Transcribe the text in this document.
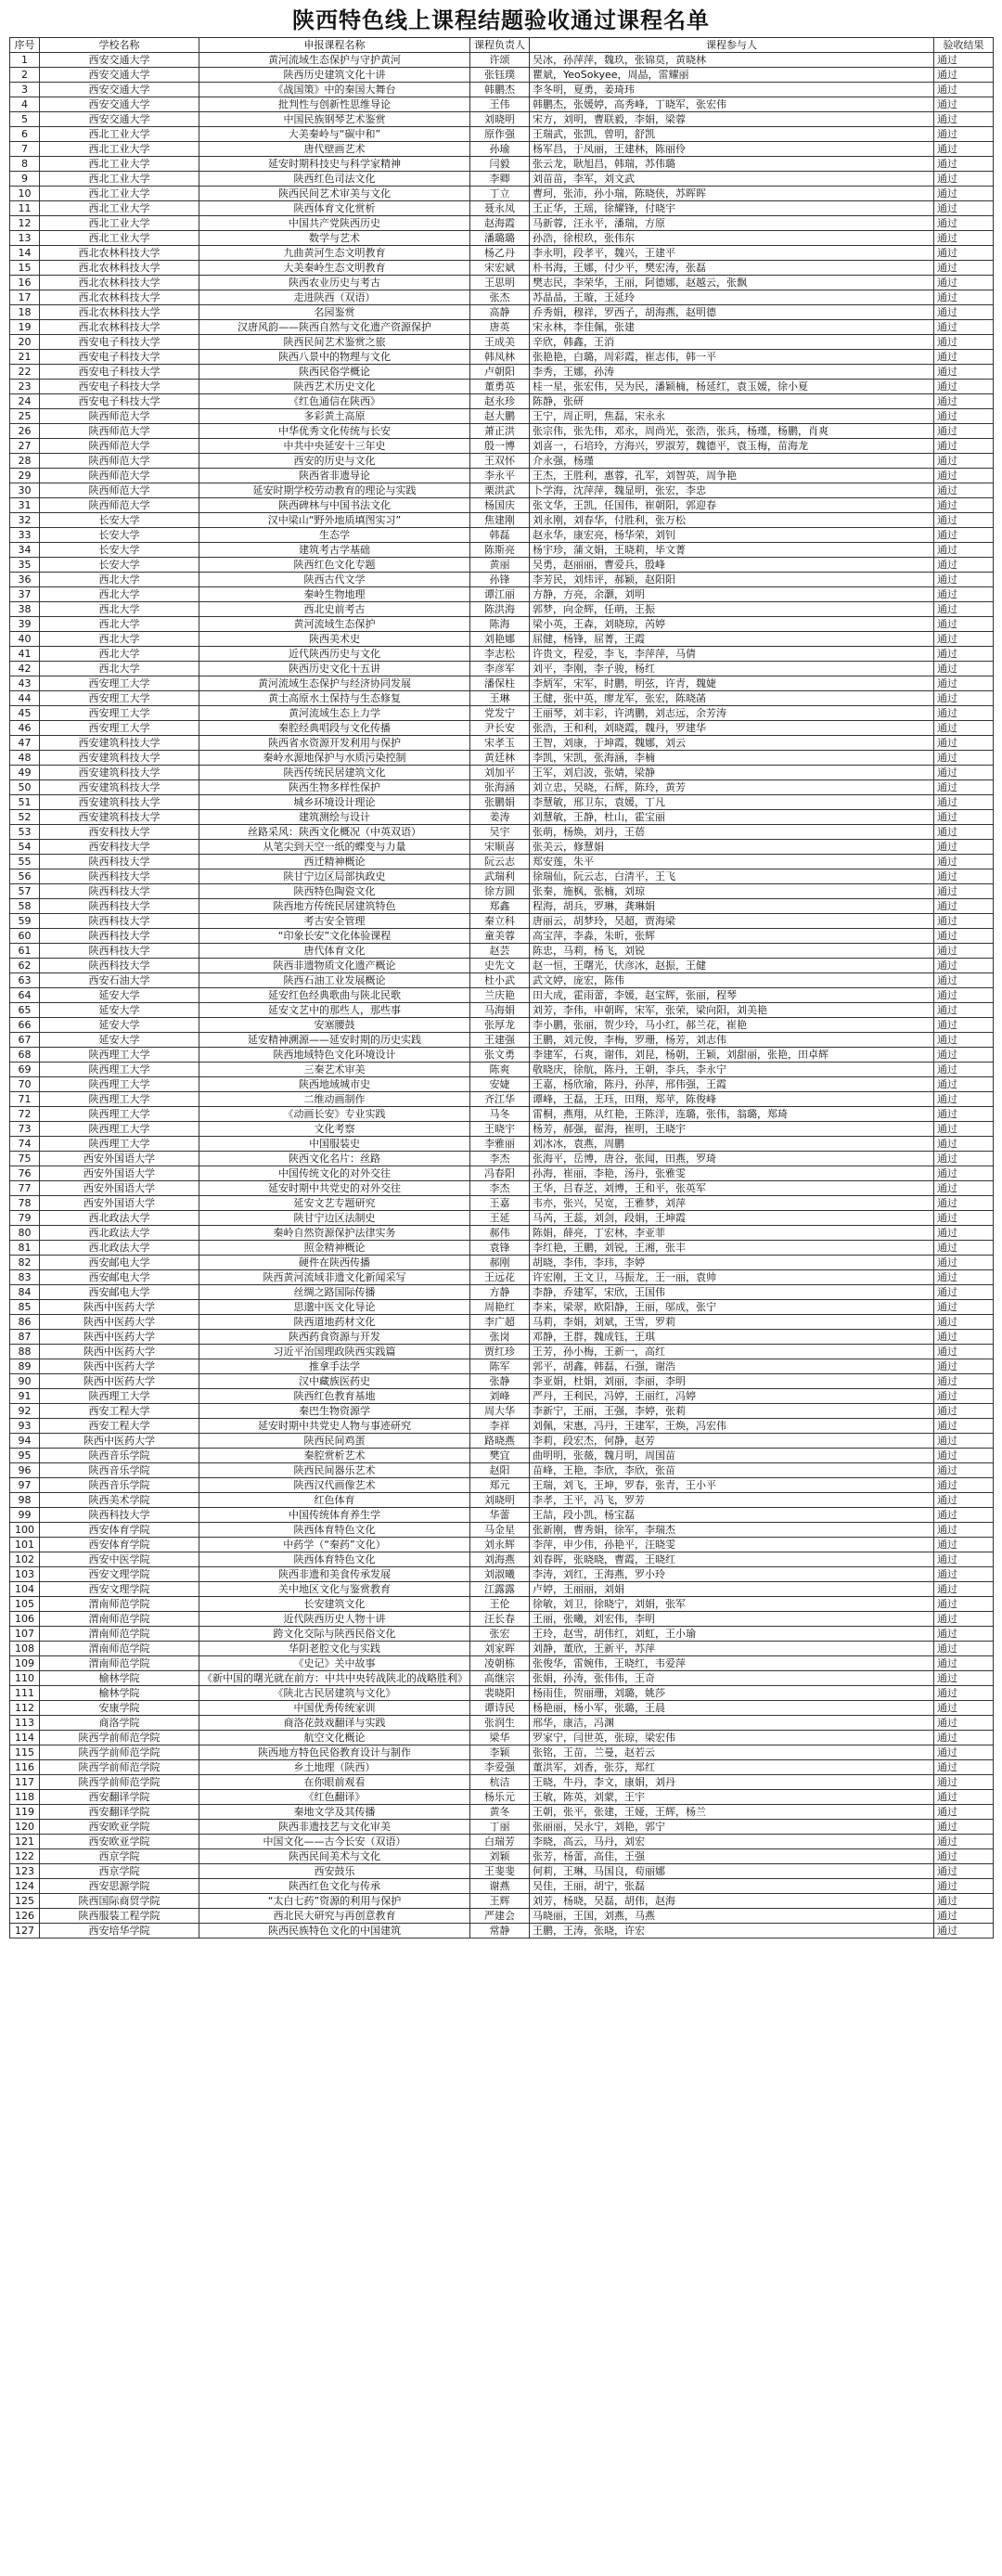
陕西特色线上课程结题验收通过课程名单
序号	学校名称	申报课程名称	课程负责人	课程参与人	验收结果
1	西安交通大学	黄河流域生态保护与守护黄河	许颂	吴冰，孙萍萍，魏玖，张锦莫，黄晓林	通过
2	西安交通大学	陕西历史建筑文化十讲	张钰璞	瞿斌，YeoSokyee，周晶，雷耀丽	通过
3	西安交通大学	《战国策》中的秦国大舞台	韩鹏杰	李冬明，夏勇，姜琦玮	通过
4	西安交通大学	批判性与创新性思维导论	王伟	韩鹏杰，张媛婷，高秀峰，丁晓军，张宏伟	通过
5	西安交通大学	中国民族钢琴艺术鉴赏	刘晓明	宋方，刘明，曹联毅，李娟，梁蓉	通过
6	西北工业大学	大美秦岭与“碳中和”	原作强	王瑞武，张凯，曾明，舒凯	通过
7	西北工业大学	唐代壁画艺术	孙瑜	杨军昌，于凤丽，王建林，陈丽伶	通过
8	西北工业大学	延安时期科技史与科学家精神	闫毅	张云龙，耿旭昌，韩瑞，苏伟璐	通过
9	西北工业大学	陕西红色司法文化	李卿	刘苗苗，李军，刘文武	通过
10	西北工业大学	陕西民间艺术审美与文化	丁立	曹珂，张沛，孙小瑞，陈晓侠，苏晖晖	通过
11	西北工业大学	陕西体育文化赏析	聂永凤	王正华，王瑶，徐耀锋，付晓宇	通过
12	西北工业大学	中国共产党陕西历史	赵海霞	马新蓉，汪永平，潘瑞，方原	通过
13	西北工业大学	数学与艺术	潘璐璐	孙浩，徐根玖，张伟东	通过
14	西北农林科技大学	九曲黄河生态文明教育	杨乙丹	李永明，段孝平，魏兴，王建平	通过
15	西北农林科技大学	大美秦岭生态文明教育	宋宏斌	朴书海，王娜，付少平，樊宏涛，张磊	通过
16	西北农林科技大学	陕西农业历史与考古	王思明	樊志民，李荣华，王丽，阿德娜，赵越云，张飘	通过
17	西北农林科技大学	走进陕西（双语）	张杰	苏晶晶，王璇，王延玲	通过
18	西北农林科技大学	名园鉴赏	高静	乔秀娟，穆祥，罗西子，胡海燕，赵明德	通过
19	西北农林科技大学	汉唐风韵——陕西自然与文化遗产资源保护	唐英	宋永林，李佳佩，张建	通过
20	西安电子科技大学	陕西民间艺术鉴赏之旅	王成美	辛欣，韩鑫，王消	通过
21	西安电子科技大学	陕西八景中的物理与文化	韩凤林	张艳艳，白璐，周彩霞，崔志伟，韩一平	通过
22	西安电子科技大学	陕西民俗学概论	卢朝阳	李秀，王娜，孙涛	通过
23	西安电子科技大学	陕西艺术历史文化	董勇英	桂一星，张宏伟，吴为民，潘颖楠，杨延红，袁玉媛，徐小夏	通过
24	西安电子科技大学	《红色通信在陕西》	赵永珍	陈静，张研	通过
25	陕西师范大学	多彩黄土高原	赵大鹏	王宁，周正明，焦磊，宋永永	通过
26	陕西师范大学	中华优秀文化传统与长安	萧正洪	张宗伟，张先伟，邓永，周尚光，张浩，张兵，杨瑾，杨鹏，肖爽	通过
27	陕西师范大学	中共中央延安十三年史	殷一博	刘喜一，石培玲，方海兴，罗淑芳，魏德平，袁玉梅，苗海龙	通过
28	陕西师范大学	西安的历史与文化	王双怀	介永强，杨瑾	通过
29	陕西师范大学	陕西省非遗导论	李永平	王杰，王胜利，惠蓉，孔军，刘智英，周争艳	通过
30	陕西师范大学	延安时期学校劳动教育的理论与实践	栗洪武	卜学海，沈萍萍，魏显明，张宏，李忠	通过
31	陕西师范大学	陕西碑林与中国书法文化	杨国庆	张文华，王凯，任国伟，崔朝阳，郭迎春	通过
32	长安大学	汉中梁山“野外地质填图实习”	焦建刚	刘永刚，刘春华，付胜利，张万松	通过
33	长安大学	生态学	韩磊	赵永华，康宏亮，杨华荣，刘钊	通过
34	长安大学	建筑考古学基础	陈斯亮	杨宇珍，蒲文娟，王晓莉，毕文菁	通过
35	长安大学	陕西红色文化专题	黄丽	吴勇，赵丽丽，曹爱兵，殷峰	通过
36	西北大学	陕西古代文学	孙锋	李芳民，刘炜评，郝颖，赵阳阳	通过
37	西北大学	秦岭生物地理	谭江丽	方静，方亮，余灏，刘明	通过
38	西北大学	西北史前考古	陈洪海	郭梦，向金辉，任萌，王振	通过
39	西北大学	黄河流域生态保护	陈海	梁小英，王森，刘晓琼，芮婷	通过
40	西北大学	陕西美术史	刘艳娜	屈健，杨锋，屈菁，王霞	通过
41	西北大学	近代陕西历史与文化	李志松	许贵文，程爱，李飞，李萍萍，马倩	通过
42	西北大学	陕西历史文化十五讲	李彦军	刘平，李刚，李子骏，杨红	通过
43	西安理工大学	黄河流域生态保护与经济协同发展	潘保柱	李炳军，宋军，时鹏，明弦，许青，魏婕	通过
44	西安理工大学	黄土高原水土保持与生态修复	王琳	王健，张中英，廖龙军，张宏，陈晓菡	通过
45	西安理工大学	黄河流域生态上力学	党发宁	王丽琴，刘丰彩，许鸿鹏，刘志远，余芳涛	通过
46	西安理工大学	秦腔经典唱段与文化传播	尹长安	张浩，王和利，刘晓霞，魏丹，罗建华	通过
47	西安建筑科技大学	陕西省水资源开发利用与保护	宋孝玉	王智，刘康，于坤霞，魏娜，刘云	通过
48	西安建筑科技大学	秦岭水源地保护与水质污染控制	黄廷林	李凯，宋凯，张海涵，李楠	通过
49	西安建筑科技大学	陕西传统民居建筑文化	刘加平	王军，刘启波，张婧，梁静	通过
50	西安建筑科技大学	陕西生物多样性保护	张海涵	刘立忠，吴晓，石辉，陈玲，黄芳	通过
51	西安建筑科技大学	城乡环境设计理论	张鹏娟	李慧敏，邢卫东，袁媛，丁凡	通过
52	西安建筑科技大学	建筑测绘与设计	姜涛	刘慧敏，王静，杜山，霍宝丽	通过
53	西安科技大学	丝路采风：陕西文化概况（中英双语）	吴宇	张萌，杨焕，刘丹，王蓓	通过
54	西安科技大学	从笔尖到天空一纸的蝶变与力量	宋顺喜	张美云，修慧娟	通过
55	陕西科技大学	西迁精神概论	阮云志	郑安莲，朱平	通过
56	陕西科技大学	陕甘宁边区局部执政史	武瑞利	徐瑞仙，阮云志，白清平，王飞	通过
57	陕西科技大学	陕西特色陶瓷文化	徐方圆	张秦，施枫，张楠，刘琼	通过
58	陕西科技大学	陕西地方传统民居建筑特色	郑鑫	程海，胡兵，罗琳，龚琳娟	通过
59	陕西科技大学	考古安全管理	秦立科	唐丽云，胡梦玲，吴超，贾海梁	通过
60	陕西科技大学	“印象长安”文化体验课程	童美蓉	高宝萍，李淼，朱昕，张辉	通过
61	陕西科技大学	唐代体育文化	赵芸	陈忠，马莉，杨飞，刘锐	通过
62	陕西科技大学	陕西非遗物质文化遗产概论	史先文	赵一恒，王曙光，伏彦冰，赵振，王健	通过
63	西安石油大学	陕西石油工业发展概论	杜小武	武文婷，庞宏，陈伟	通过
64	延安大学	延安红色经典歌曲与陕北民歌	兰庆艳	田大成，霍雨蕾，李媛，赵宝辉，张丽，程琴	通过
65	延安大学	延安文艺中的那些人，那些事	马海娟	刘芳，李伟，申朝晖，宋军，张荣，梁向阳，刘美艳	通过
66	延安大学	安塞腰鼓	张厚龙	李小鹏，张丽，贺少玲，马小红，郝兰花，崔艳	通过
67	延安大学	延安精神溯源——延安时期的历史实践	王建强	王鹏，刘元俊，李梅，罗珊，杨芳，刘志伟	通过
68	陕西理工大学	陕西地域特色文化环境设计	张文勇	李建军，石爽，谢伟，刘昆，杨朝，王颖，刘甜丽，张艳，田卓辉	通过
69	陕西理工大学	三秦艺术审美	陈爽	敬晓庆，徐航，陈丹，王朝，李兵，李永宁	通过
70	陕西理工大学	陕西地域城市史	安婕	王嘉，杨欣瑜，陈丹，孙萍，邢伟强，王霞	通过
71	陕西理工大学	二维动画制作	齐江华	谭峰，王磊，王珏，田翔，郑苹，陈俊峰	通过
72	陕西理工大学	《动画长安》专业实践	马冬	雷桐，燕翔，从红艳，王陈洋，连璐，张伟，翁璐，郑琦	通过
73	陕西理工大学	文化考察	王晓宇	杨芳，郝强，翟海，崔明，王晓宇	通过
74	陕西理工大学	中国服装史	李雅丽	刘冰冰，袁燕，周鹏	通过
75	西安外国语大学	陕西文化名片：丝路	李杰	张海平，岳博，唐谷，张闻，田燕，罗琦	通过
76	西安外国语大学	中国传统文化的对外交往	冯春阳	孙海，崔丽，李艳，汤丹，张雅雯	通过
77	西安外国语大学	延安时期中共党史的对外交往	李杰	王华，吕春芝，刘博，王和平，张英军	通过
78	西安外国语大学	延安文艺专题研究	王嘉	韦亦，张兴，吴宽，王雅梦，刘萍	通过
79	西北政法大学	陕甘宁边区法制史	王延	马芮，王蕊，刘剑，段娟，王坤霞	通过
80	西北政法大学	秦岭自然资源保护法律实务	郝伟	陈娟，薛亮，丁宏林，李亚菲	通过
81	西北政法大学	照金精神概论	袁锋	李红艳，王鹏，刘锐，王湘，张丰	通过
82	西安邮电大学	硬件在陕西传播	郝刚	胡晓，李伟，李玮，李婷	通过
83	西安邮电大学	陕西黄河流域非遗文化新闻采写	王远花	许宏刚，王文卫，马振龙，王一丽，袁帅	通过
84	西安邮电大学	丝绸之路国际传播	方静	李静，乔建军，宋欣，王国伟	通过
85	陕西中医药大学	思邈中医文化导论	周艳红	李来，梁翠，欧阳静，王丽，邬成，张宁	通过
86	陕西中医药大学	陕西道地药材文化	李广超	马莉，李娟，刘斌，王雪，罗莉	通过
87	陕西中医药大学	陕西药食资源与开发	张岗	邓静，王群，魏成钰，王琪	通过
88	陕西中医药大学	习近平治国理政陕西实践篇	贾红珍	王芳，孙小梅，王新一，高红	通过
89	陕西中医药大学	推拿手法学	陈军	郭平，胡鑫，韩磊，石强，谢浩	通过
90	陕西中医药大学	汉中藏族医药史	张静	李亚娟，杜娟，刘丽，李丽，李明	通过
91	陕西理工大学	陕西红色教育基地	刘峰	严丹，王利民，冯婷，王丽红，冯婷	通过
92	西安工程大学	秦巴生物资源学	周大华	李新宁，王丽，王强，李婷，张莉	通过
93	西安工程大学	延安时期中共党史人物与事迹研究	李祥	刘佩，宋惠，冯丹，王建军，王焕，冯宏伟	通过
94	陕西中医药大学	陕西民间鸡蛋	路晓燕	李莉，段宏杰，何静，赵芳	通过
95	陕西音乐学院	秦腔赏析艺术	樊宜	曲明明，张薇，魏月明，周国苗	通过
96	陕西音乐学院	陕西民间器乐艺术	赵阳	苗峰，王艳，李欣，李欣，张苗	通过
97	陕西音乐学院	陕西汉代画像艺术	郑元	王瑞，刘飞，王坤，罗春，张青，王小平	通过
98	陕西美术学院	红色体育	刘晓明	李孝，王平，冯飞，罗芳	通过
99	陕西科技大学	中国传统体育养生学	华蕾	王喆，段小凯，杨宝磊	通过
100	西安体育学院	陕西体育特色文化	马金星	张新刚，曹秀娟，徐军，李瑞杰	通过
101	西安体育学院	中药学（“秦药”文化）	刘永辉	李萍，申少伟，孙艳平，汪晓雯	通过
102	西安中医学院	陕西体育特色文化	刘海燕	刘春晖，张晓晓，曹霞，王晓红	通过
103	西安文理学院	陕西非遗和美食传承发展	刘淑曦	李涛，刘红，王海燕，罗小玲	通过
104	西安文理学院	关中地区文化与鉴赏教育	江露露	卢婷，王丽丽，刘娟	通过
105	渭南师范学院	长安建筑文化	王伦	徐敏，刘卫，徐晓宁，刘娟，张军	通过
106	渭南师范学院	近代陕西历史人物十讲	汪长春	王丽，张曦，刘宏伟，李明	通过
107	渭南师范学院	跨文化交际与陕西民俗文化	张宏	王玲，赵雪，胡伟红，刘虹，王小瑜	通过
108	渭南师范学院	华阴老腔文化与实践	刘家晖	刘静，董欣，王新平，苏萍	通过
109	渭南师范学院	《史记》关中故事	凌朝栋	张俊华，雷婉伟，王晓红，韦爱萍	通过
110	榆林学院	《新中国的曙光就在前方：中共中央转战陕北的战略胜利》	高继宗	张娟，孙涛，张伟伟，王奇	通过
111	榆林学院	《陕北古民居建筑与文化》	裴晓阳	杨雨佳，贺丽珊，刘璐，姚莎	通过
112	安康学院	中国优秀传统家训	谭诗民	杨艳丽，杨小军，张璐，王晨	通过
113	商洛学院	商洛花鼓戏翻译与实践	张润生	邢华，康洁，冯渊	通过
114	陕西学前师范学院	航空文化概论	梁华	罗家宁，闫世英，张琼，梁宏伟	通过
115	陕西学前师范学院	陕西地方特色民俗教育设计与制作	李颖	张铭，王苗，兰曼，赵若云	通过
116	陕西学前师范学院	乡土地理（陕西）	李爱强	董洪军，刘香，张芬，郑红	通过
117	陕西学前师范学院	在你眼前观看	杭洁	王晓，牛丹，李文，康娟，刘丹	通过
118	西安翻译学院	《红色翻译》	杨乐元	王敏，陈英，刘蒙，王宇	通过
119	西安翻译学院	秦地文学及其传播	黄冬	王朝，张平，张建，王娅，王辉，杨兰	通过
120	西安欧亚学院	陕西非遗技艺与文化审美	丁丽	张丽丽，吴永宁，刘艳，郭宁	通过
121	西安欧亚学院	中国文化——古今长安（双语）	白瑞芳	李晓，高云，马丹，刘宏	通过
122	西京学院	陕西民间美术与文化	刘颖	张芳，杨蕾，高佳，王强	通过
123	西京学院	西安鼓乐	王斐斐	何莉，王琳，马国良，苟丽娜	通过
124	西安思源学院	陕西红色文化与传承	谢燕	吴佳，王丽，胡宁，张磊	通过
125	陕西国际商贸学院	“太白七药”资源的利用与保护	王辉	刘芳，杨晓，吴磊，胡伟，赵海	通过
126	陕西服装工程学院	西北民大研究与再创意教育	严建会	马晓丽，王国，刘燕，马燕	通过
127	西安培华学院	陕西民族特色文化的中国建筑	常静	王鹏，王涛，张晓，许宏	通过
